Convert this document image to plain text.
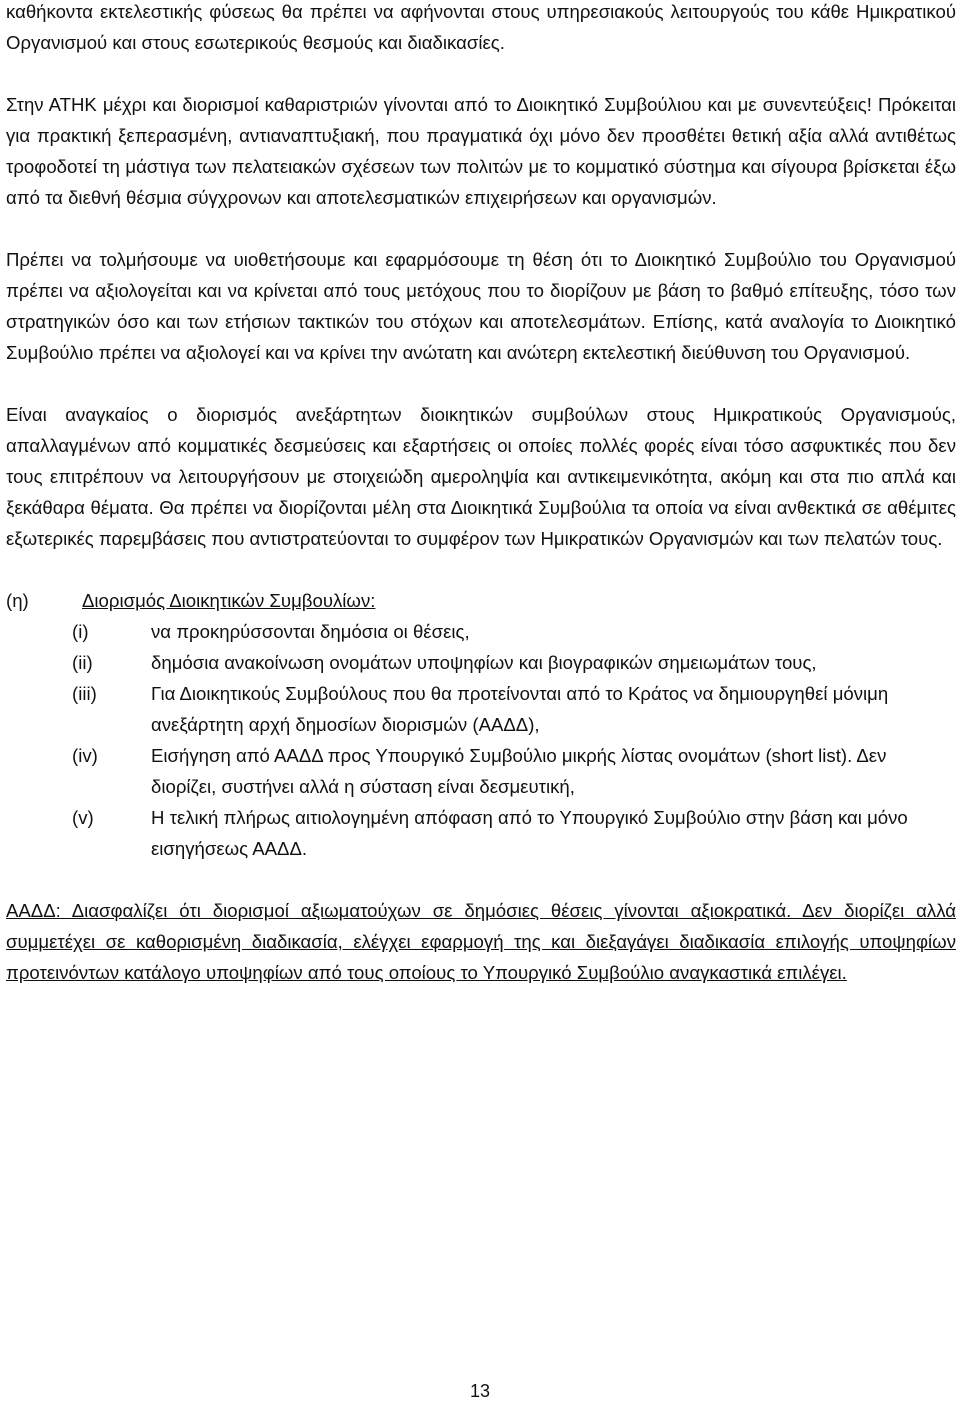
καθήκοντα εκτελεστικής φύσεως θα πρέπει να αφήνονται στους υπηρεσιακούς λειτουργούς του κάθε Ημικρατικού Οργανισμού και στους εσωτερικούς θεσμούς και διαδικασίες.

Στην ΑΤΗΚ μέχρι και διορισμοί καθαριστριών γίνονται από το Διοικητικό Συμβούλιου και με συνεντεύξεις! Πρόκειται για πρακτική ξεπερασμένη, αντιαναπτυξιακή, που πραγματικά όχι μόνο δεν προσθέτει θετική αξία αλλά αντιθέτως τροφοδοτεί τη μάστιγα των πελατειακών σχέσεων των πολιτών με το κομματικό σύστημα και σίγουρα βρίσκεται έξω από τα διεθνή θέσμια σύγχρονων και αποτελεσματικών επιχειρήσεων και οργανισμών.

Πρέπει να τολμήσουμε να υιοθετήσουμε και εφαρμόσουμε τη θέση ότι το Διοικητικό Συμβούλιο του Οργανισμού πρέπει να αξιολογείται και να κρίνεται από τους μετόχους που το διορίζουν με βάση το βαθμό επίτευξης, τόσο των στρατηγικών όσο και των ετήσιων τακτικών του στόχων και αποτελεσμάτων. Επίσης, κατά αναλογία το Διοικητικό Συμβούλιο πρέπει να αξιολογεί και να κρίνει την ανώτατη και ανώτερη εκτελεστική διεύθυνση του Οργανισμού.

Είναι αναγκαίος ο διορισμός ανεξάρτητων διοικητικών συμβούλων στους Ημικρατικούς Οργανισμούς, απαλλαγμένων από κομματικές δεσμεύσεις και εξαρτήσεις οι οποίες πολλές φορές είναι τόσο ασφυκτικές που δεν τους επιτρέπουν να λειτουργήσουν με στοιχειώδη αμεροληψία και αντικειμενικότητα, ακόμη και στα πιο απλά και ξεκάθαρα θέματα. Θα πρέπει να διορίζονται μέλη στα Διοικητικά Συμβούλια τα οποία να είναι ανθεκτικά σε αθέμιτες εξωτερικές παρεμβάσεις που αντιστρατεύονται το συμφέρον των Ημικρατικών Οργανισμών και των πελατών τους.

(η)	Διορισμός Διοικητικών Συμβουλίων:
(i)	να προκηρύσσονται δημόσια οι θέσεις,
(ii)	δημόσια ανακοίνωση ονομάτων υποψηφίων και βιογραφικών σημειωμάτων τους,
(iii)	Για Διοικητικούς Συμβούλους που θα προτείνονται από το Κράτος να δημιουργηθεί μόνιμη ανεξάρτητη αρχή δημοσίων διορισμών (ΑΑΔΔ),
(iv)	Εισήγηση από ΑΑΔΔ προς Υπουργικό Συμβούλιο μικρής λίστας ονομάτων (short list). Δεν διορίζει, συστήνει αλλά η σύσταση είναι δεσμευτική,
(v)	Η τελική πλήρως αιτιολογημένη απόφαση από το Υπουργικό Συμβούλιο στην βάση και μόνο εισηγήσεως ΑΑΔΔ.

ΑΑΔΔ: Διασφαλίζει ότι διορισμοί αξιωματούχων σε δημόσιες θέσεις γίνονται αξιοκρατικά. Δεν διορίζει αλλά συμμετέχει σε καθορισμένη διαδικασία, ελέγχει εφαρμογή της και διεξαγάγει διαδικασία επιλογής υποψηφίων προτεινόντων κατάλογο υποψηφίων από τους οποίους το Υπουργικό Συμβούλιο αναγκαστικά επιλέγει.

13
